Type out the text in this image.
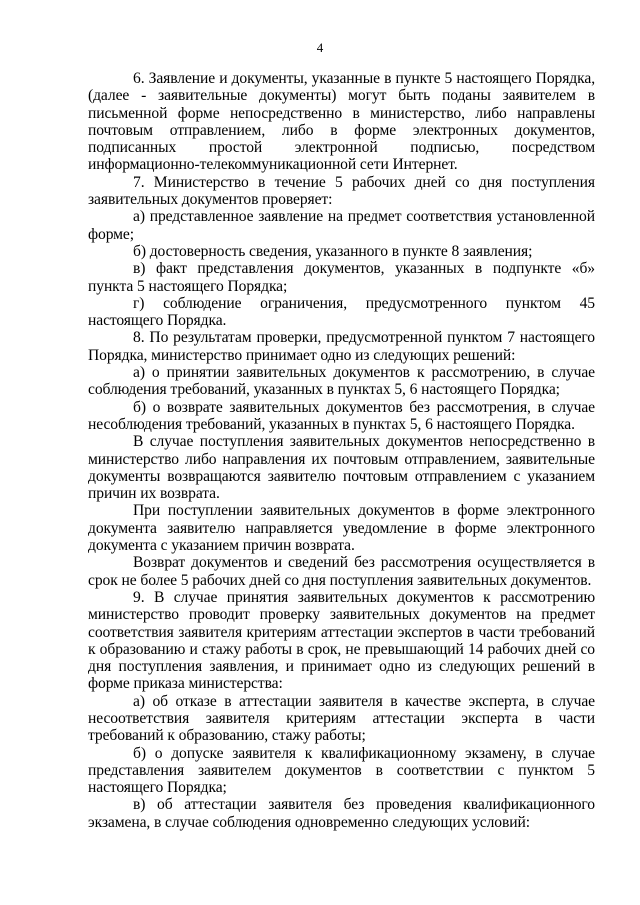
4

6. Заявление и документы, указанные в пункте 5 настоящего Порядка, (далее - заявительные документы) могут быть поданы заявителем в письменной форме непосредственно в министерство, либо направлены почтовым отправлением, либо в форме электронных документов, подписанных простой электронной подписью, посредством информационно-телекоммуникационной сети Интернет.

7. Министерство в течение 5 рабочих дней со дня поступления заявительных документов проверяет:

а) представленное заявление на предмет соответствия установленной форме;

б) достоверность сведения, указанного в пункте 8 заявления;

в) факт представления документов, указанных в подпункте «б» пункта 5 настоящего Порядка;

г) соблюдение ограничения, предусмотренного пунктом 45 настоящего Порядка.

8. По результатам проверки, предусмотренной пунктом 7 настоящего Порядка, министерство принимает одно из следующих решений:

а) о принятии заявительных документов к рассмотрению, в случае соблюдения требований, указанных в пунктах 5, 6 настоящего Порядка;

б) о возврате заявительных документов без рассмотрения, в случае несоблюдения требований, указанных в пунктах 5, 6 настоящего Порядка.

В случае поступления заявительных документов непосредственно в министерство либо направления их почтовым отправлением, заявительные документы возвращаются заявителю почтовым отправлением с указанием причин их возврата.

При поступлении заявительных документов в форме электронного документа заявителю направляется уведомление в форме электронного документа с указанием причин возврата.

Возврат документов и сведений без рассмотрения осуществляется в срок не более 5 рабочих дней со дня поступления заявительных документов.

9. В случае принятия заявительных документов к рассмотрению министерство проводит проверку заявительных документов на предмет соответствия заявителя критериям аттестации экспертов в части требований к образованию и стажу работы в срок, не превышающий 14 рабочих дней со дня поступления заявления, и принимает одно из следующих решений в форме приказа министерства:

а) об отказе в аттестации заявителя в качестве эксперта, в случае несоответствия заявителя критериям аттестации эксперта в части требований к образованию, стажу работы;

б) о допуске заявителя к квалификационному экзамену, в случае представления заявителем документов в соответствии с пунктом 5 настоящего Порядка;

в) об аттестации заявителя без проведения квалификационного экзамена, в случае соблюдения одновременно следующих условий:
